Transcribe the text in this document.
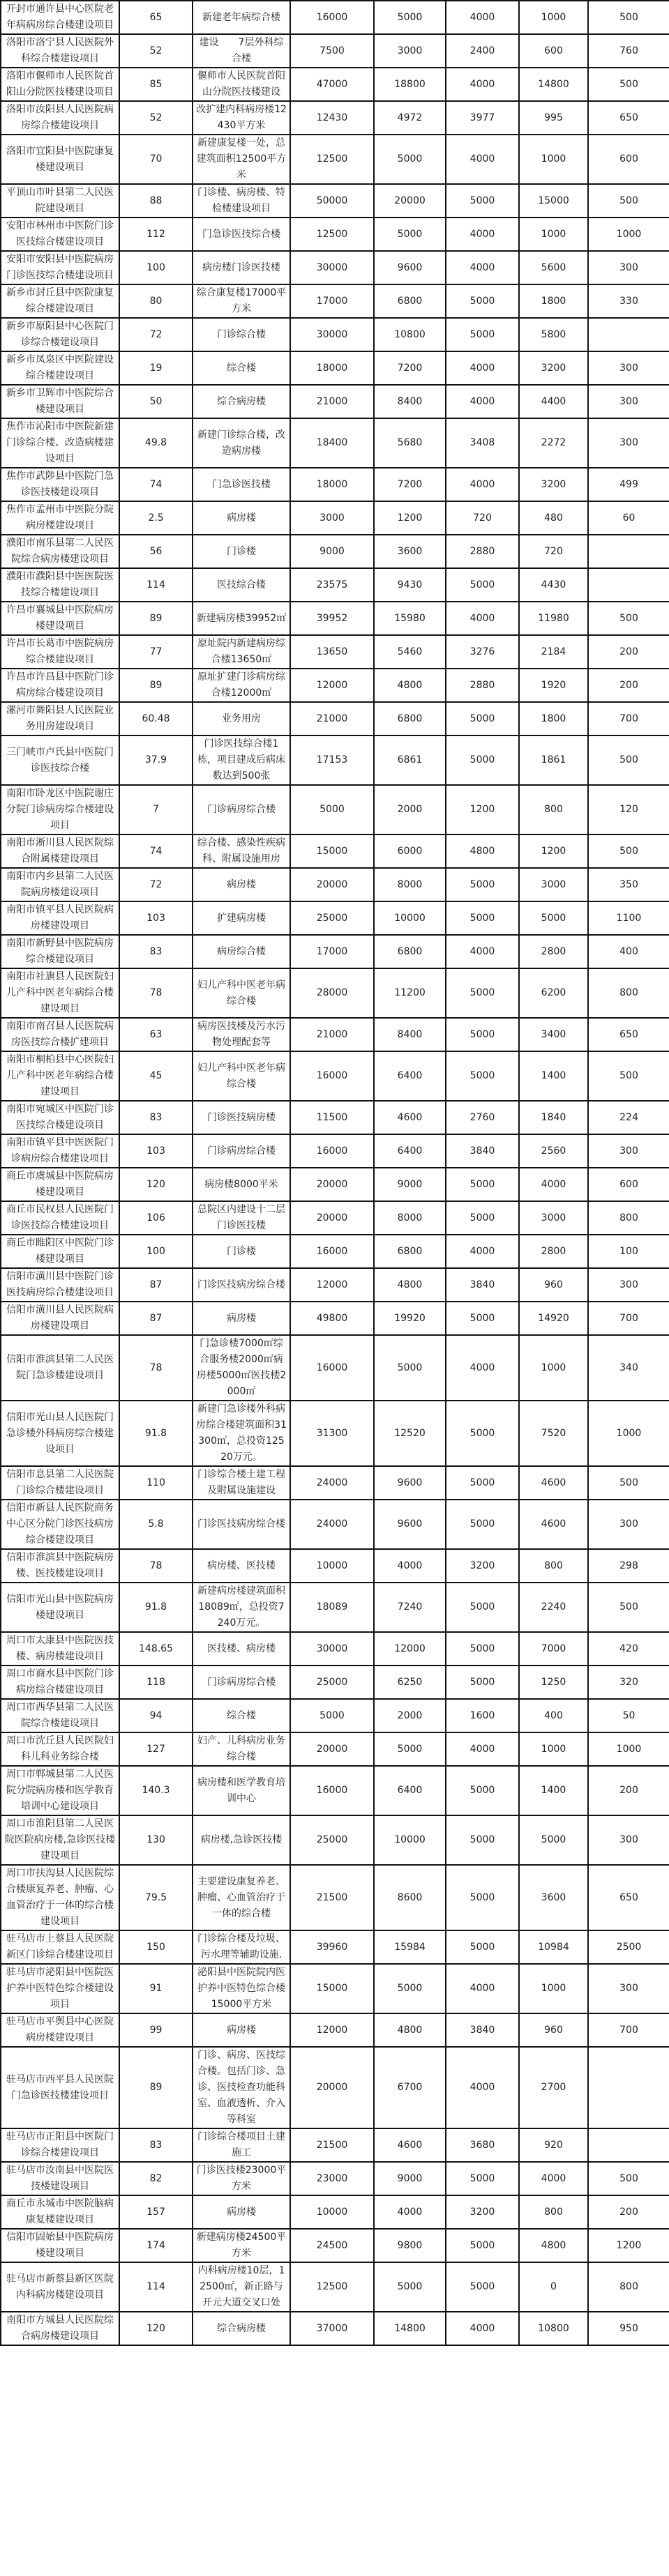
开封市通许县中心医院老年病病房综合楼建设项目	65	新建老年病综合楼	16000	5000	4000	1000	500
洛阳市洛宁县人民医院外科综合楼建设项目	52	建设　　7层外科综合楼	7500	3000	2400	600	760
洛阳市偃师市人民医院首阳山分院医技楼建设项目	85	偃师市人民医院首阳山分院医技楼建设	47000	18800	4000	14800	500
洛阳市汝阳县人民医院病房综合楼建设项目	52	改扩建内科病房楼12430平方米	12430	4972	3977	995	650
洛阳市宜阳县中医院康复楼建设项目	70	新建康复楼一处，总建筑面积12500平方米	12500	5000	4000	1000	600
平顶山市叶县第二人民医院建设项目	88	门诊楼、病房楼、特检楼建设项目	50000	20000	5000	15000	500
安阳市林州市中医院门诊医技综合楼建设项目	112	门急诊医技综合楼	12500	5000	4000	1000	1000
安阳市安阳县中医院病房门诊医技综合楼建设项目	100	病房楼门诊医技楼	30000	9600	4000	5600	300
新乡市封丘县中医院康复综合楼建设项目	80	综合康复楼17000平方米	17000	6800	5000	1800	330
新乡市原阳县中心医院门诊综合楼建设项目	72	门诊综合楼	30000	10800	5000	5800	
新乡市凤泉区中医院建设综合楼建设项目	19	综合楼	18000	7200	4000	3200	300
新乡市卫辉市中医院综合楼建设项目	50	综合病房楼	21000	8400	4000	4400	300
焦作市沁阳市中医院新建门诊综合楼、改造病楼建设项目	49.8	新建门诊综合楼，改造病房楼	18400	5680	3408	2272	300
焦作市武陟县中医院门急诊医技楼建设项目	74	门急诊医技楼	18000	7200	4000	3200	499
焦作市孟州市中医院分院病房楼建设项目	2.5	病房楼	3000	1200	720	480	60
濮阳市南乐县第二人民医院综合病房楼建设项目	56	门诊楼	9000	3600	2880	720	
濮阳市濮阳县中医医院医技综合楼建设项目	114	医技综合楼	23575	9430	5000	4430	
许昌市襄城县中医院病房楼建设项目	89	新建病房楼39952㎡	39952	15980	4000	11980	500
许昌市长葛市中医院病房综合楼建设项目	77	原址院内新建病房综合楼13650㎡	13650	5460	3276	2184	200
许昌市许昌县中医院门诊病房综合楼建设项目	89	原址扩建门诊病房综合楼12000㎡	12000	4800	2880	1920	200
漯河市舞阳县人民医院业务用房建设项目	60.48	业务用房	21000	6800	5000	1800	700
三门峡市卢氏县中医院门诊医技综合楼	37.9	门诊医技综合楼1栋，项目建成后病床数达到500张	17153	6861	5000	1861	500
南阳市卧龙区中医院谢庄分院门诊病房综合楼建设项目	7	门诊病房综合楼	5000	2000	1200	800	120
南阳市淅川县人民医院综合附属楼建设项目	74	综合楼、感染性疾病科、附属设施用房	15000	6000	4800	1200	500
南阳市内乡县第二人民医院病房楼建设项目	72	病房楼	20000	8000	5000	3000	350
南阳市镇平县人民医院病房楼建设项目	103	扩建病房楼	25000	10000	5000	5000	1100
南阳市新野县中医院病房综合楼建设项目	83	病房综合楼	17000	6800	4000	2800	400
南阳市社旗县人民医院妇儿产科中医老年病综合楼建设项目	78	妇儿产科中医老年病综合楼	28000	11200	5000	6200	800
南阳市南召县人民医院病房医技综合楼扩建项目	63	病房医技楼及污水污物处理配套等	21000	8400	5000	3400	650
南阳市桐柏县中心医院妇儿产科中医老年病综合楼建设项目	45	妇儿产科中医老年病综合楼	16000	6400	5000	1400	500
南阳市宛城区中医院门诊医技综合楼建设项目	83	门诊医技病房楼	11500	4600	2760	1840	224
南阳市镇平县中医医院门诊病房综合楼建设项目	103	门诊病房综合楼	16000	6400	3840	2560	300
商丘市虞城县中医院病房楼建设项目	120	病房楼8000平米	20000	9000	5000	4000	600
商丘市民权县人民医院门诊医技综合楼建设项目	106	总院区内建设十二层门诊医技楼	20000	8000	5000	3000	800
商丘市睢阳区中医院门诊楼建设项目	100	门诊楼	16000	6800	4000	2800	100
信阳市潢川县中医院门诊医技病房综合楼建设项目	87	门诊医技病房综合楼	12000	4800	3840	960	300
信阳市潢川县人民医院病房楼建设项目	87	病房楼	49800	19920	5000	14920	700
信阳市淮滨县第二人民医院门急诊楼建设项目	78	门急诊楼7000㎡综合服务楼2000㎡病房楼5000㎡医技楼2000㎡	16000	5000	4000	1000	340
信阳市光山县人民医院门急诊楼外科病房综合楼建设项目	91.8	新建门急诊楼外科病房综合楼建筑面积31300㎡，总投资12520万元。	31300	12520	5000	7520	1000
信阳市息县第二人民医院门诊综合楼建设项目	110	门诊综合楼土建工程及附属设施建设	24000	9600	5000	4600	500
信阳市新县人民医院商务中心区分院门诊医技病房综合楼建设项目	5.8	门诊医技病房综合楼	24000	9600	5000	4600	300
信阳市淮滨县中医院病房楼、医技楼建设项目	78	病房楼、医技楼	10000	4000	3200	800	298
信阳市光山县中医院病房楼建设项目	91.8	新建病房楼建筑面积18089㎡，总投资7240万元。	18089	7240	5000	2240	500
周口市太康县中医院医技楼、病房楼建设项目	148.65	医技楼、病房楼	30000	12000	5000	7000	420
周口市商水县中医院门诊病房综合楼建设项目	118	门诊病房综合楼	25000	6250	5000	1250	320
周口市西华县第二人民医院综合楼建设项目	94	综合楼	5000	2000	1600	400	50
周口市沈丘县人民医院妇科儿科业务综合楼	127	妇产、儿科病房业务综合楼	20000	5000	4000	1000	1000
周口市郸城县第二人民医院分院病房楼和医学教育培训中心建设项目	140.3	病房楼和医学教育培训中心	16000	6400	5000	1400	200
周口市淮阳县第二人民医院医院病房楼,急诊医技楼建设项目	130	病房楼,急诊医技楼	25000	10000	5000	5000	300
周口市扶沟县人民医院综合楼康复养老、肿瘤、心血管治疗于一体的综合楼建设项目	79.5	主要建设康复养老、肿瘤、心血管治疗于一体的综合楼	21500	8600	5000	3600	650
驻马店市上蔡县人民医院新区门诊综合楼建设项目	150	门诊综合楼及垃圾、污水理等辅助设施.	39960	15984	5000	10984	2500
驻马店市泌阳县中医院医护养中医特色综合楼建设项目	91	泌阳县中医院院内医护养中医特色综合楼15000平方米	15000	5000	4000	1000	300
驻马店市平舆县中心医院病房楼建设项目	99	病房楼	12000	4800	3840	960	700
驻马店市西平县人民医院门急诊医技楼建设项目	89	门诊、病房、医技综合楼。包括门诊、急诊、医技检查功能科室、血液透析、介入等科室	20000	6700	4000	2700	
驻马店市正阳县中医院门诊综合楼建设项目	83	门诊综合楼项目土建施工	21500	4600	3680	920	
驻马店市汝南县中医院医技楼建设项目	82	门诊医技楼23000平方米	23000	9000	5000	4000	500
商丘市永城市中医院脑病康复楼建设项目	157	病房楼	10000	4000	3200	800	200
信阳市固始县中医院病房楼建设项目	174	新建病房楼24500平方米	24500	9800	5000	4800	1200
驻马店市新蔡县新区医院内科病房楼建设项目	114	内科病房楼10层，12500㎡，新正路与开元大道交叉口处	12500	5000	5000	0	800
南阳市方城县人民医院综合病房楼建设项目	120	综合病房楼	37000	14800	4000	10800	950
